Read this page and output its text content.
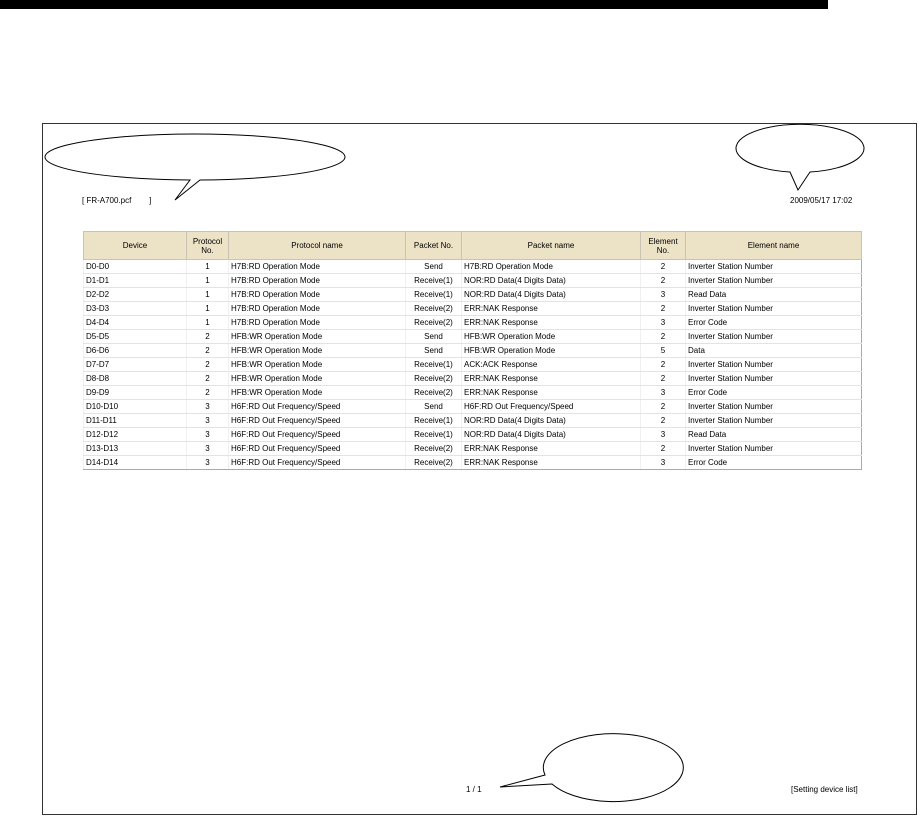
[ FR-A700.pcf        ]	2009/05/17 17:02
Device	Protocol No.	Protocol name	Packet No.	Packet name	Element No.	Element name
D0-D0	1	H7B:RD Operation Mode	Send	H7B:RD Operation Mode	2	Inverter Station Number
D1-D1	1	H7B:RD Operation Mode	Receive(1)	NOR:RD Data(4 Digits Data)	2	Inverter Station Number
D2-D2	1	H7B:RD Operation Mode	Receive(1)	NOR:RD Data(4 Digits Data)	3	Read Data
D3-D3	1	H7B:RD Operation Mode	Receive(2)	ERR:NAK Response	2	Inverter Station Number
D4-D4	1	H7B:RD Operation Mode	Receive(2)	ERR:NAK Response	3	Error Code
D5-D5	2	HFB:WR Operation Mode	Send	HFB:WR Operation Mode	2	Inverter Station Number
D6-D6	2	HFB:WR Operation Mode	Send	HFB:WR Operation Mode	5	Data
D7-D7	2	HFB:WR Operation Mode	Receive(1)	ACK:ACK Response	2	Inverter Station Number
D8-D8	2	HFB:WR Operation Mode	Receive(2)	ERR:NAK Response	2	Inverter Station Number
D9-D9	2	HFB:WR Operation Mode	Receive(2)	ERR:NAK Response	3	Error Code
D10-D10	3	H6F:RD Out Frequency/Speed	Send	H6F:RD Out Frequency/Speed	2	Inverter Station Number
D11-D11	3	H6F:RD Out Frequency/Speed	Receive(1)	NOR:RD Data(4 Digits Data)	2	Inverter Station Number
D12-D12	3	H6F:RD Out Frequency/Speed	Receive(1)	NOR:RD Data(4 Digits Data)	3	Read Data
D13-D13	3	H6F:RD Out Frequency/Speed	Receive(2)	ERR:NAK Response	2	Inverter Station Number
D14-D14	3	H6F:RD Out Frequency/Speed	Receive(2)	ERR:NAK Response	3	Error Code
1 / 1	[Setting device list]
